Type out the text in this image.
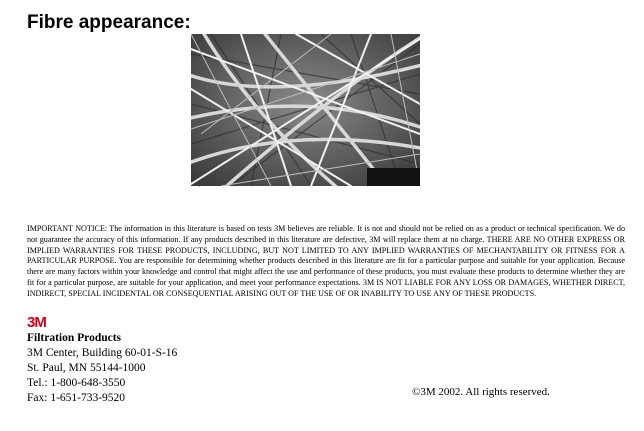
Fibre appearance:
1 µm

IMPORTANT NOTICE: The information in this literature is based on tests 3M believes are reliable. It is not and should not be relied on as a product or technical specification. We do not guarantee the accuracy of this information. If any products described in this literature are defective, 3M will replace them at no charge. THERE ARE NO OTHER EXPRESS OR IMPLIED WARRANTIES FOR THESE PRODUCTS, INCLUDING, BUT NOT LIMITED TO ANY IMPLIED WARRANTIES OF MECHANTABILITY OR FITNESS FOR A PARTICULAR PURPOSE. You are responsible for determining whether products described in this literature are fit for a particular purpose and suitable for your application. Because there are many factors within your knowledge and control that might affect the use and performance of these products, you must evaluate these products to determine whether they are fit for a particular purpose, are suitable for your application, and meet your performance expectations. 3M IS NOT LIABLE FOR ANY LOSS OR DAMAGES, WHETHER DIRECT, INDIRECT, SPECIAL INCIDENTAL OR CONSEQUENTIAL ARISING OUT OF THE USE OF OR INABILITY TO USE ANY OF THESE PRODUCTS.

3M
Filtration Products
3M Center, Building 60-01-S-16
St. Paul, MN 55144-1000
Tel.: 1-800-648-3550
Fax: 1-651-733-9520	©3M 2002. All rights reserved.
